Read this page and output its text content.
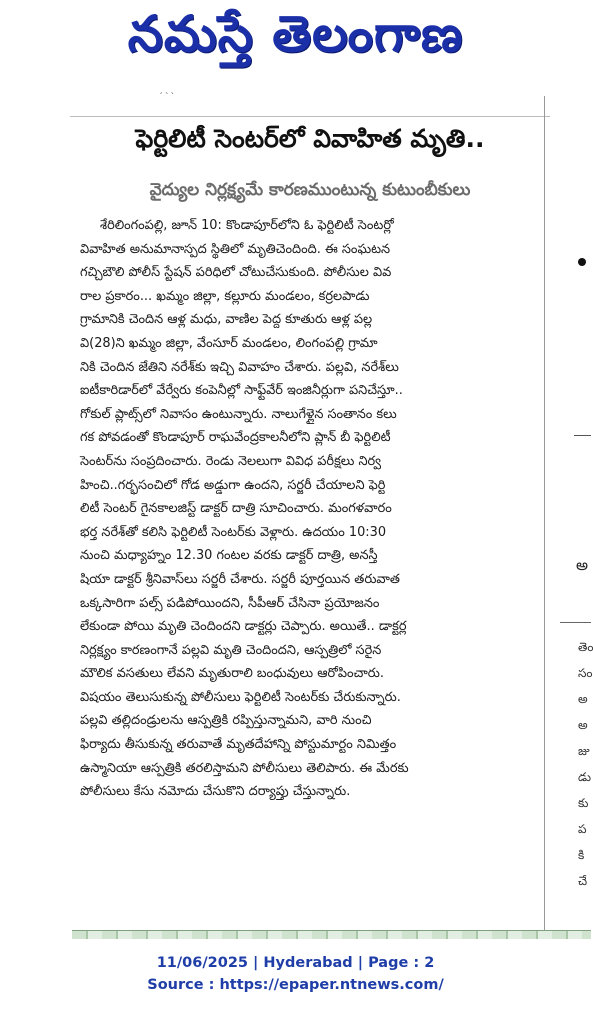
నమస్తే తెలంగాణ
՛ ՝ ՝
ఫెర్టిలిటీ సెంటర్‌లో వివాహిత మృతి..
వైద్యుల నిర్లక్ష్యమే కారణముంటున్న కుటుంబీకులు
శేరిలింగంపల్లి, జూన్ 10: కొండాపూర్‌లోని ఓ ఫెర్టిలిటీ సెంటర్లో
వివాహిత అనుమానాస్పద స్థితిలో మృతిచెందింది. ఈ సంఘటన
గచ్చిబౌలి పోలీస్ స్టేషన్ పరిధిలో చోటుచేసుకుంది. పోలీసుల వివ
రాల ప్రకారం... ఖమ్మం జిల్లా, కల్లూరు మండలం, కర్రలపాడు
గ్రామానికి చెందిన ఆళ్ల మధు, వాణిల పెద్ద కూతురు ఆళ్ల పల్ల
వి(28)ని ఖమ్మం జిల్లా, వేంసూర్ మండలం, లింగంపల్లి గ్రామా
నికి చెందిన జేతిని నరేశ్‌కు ఇచ్చి వివాహం చేశారు. పల్లవి, నరేశ్‌లు
ఐటీకారిడార్‌లో వేర్వేరు కంపెనీల్లో సాఫ్ట్‌వేర్ ఇంజినీర్లుగా పనిచేస్తూ..
గోకుల్ ప్లాట్స్‌లో నివాసం ఉంటున్నారు. నాలుగేళ్లైన సంతానం కలు
గక పోవడంతో కొండాపూర్ రాఘవేంద్రకాలనీలోని ప్లాన్ బీ ఫెర్టిలిటీ
సెంటర్‌ను సంప్రదించారు. రెండు నెలలుగా వివిధ పరీక్షలు నిర్వ
హించి..గర్భసంచిలో గోడ అడ్డుగా ఉందని, సర్జరీ చేయాలని ఫెర్టి
లిటీ సెంటర్ గైనకాలజిస్ట్ డాక్టర్ దాత్రి సూచించారు. మంగళవారం
భర్త నరేశ్‌తో కలిసి ఫెర్టిలిటీ సెంటర్‌కు వెళ్లారు. ఉదయం 10:30
నుంచి మధ్యాహ్నం 12.30 గంటల వరకు డాక్టర్ దాత్రి, అనస్తీ
షియా డాక్టర్ శ్రీనివాస్‌లు సర్జరీ చేశారు. సర్జరీ పూర్తయిన తరువాత
ఒక్కసారిగా పల్స్ పడిపోయిందని, సీపీఆర్ చేసినా ప్రయోజనం
లేకుండా పోయి మృతి చెందిందని డాక్టర్లు చెప్పారు. అయితే.. డాక్టర్ల
నిర్లక్ష్యం కారణంగానే పల్లవి మృతి చెందిందని, ఆస్పత్రిలో సరైన
మౌలిక వసతులు లేవని మృతురాలి బంధువులు ఆరోపించారు.
విషయం తెలుసుకున్న పోలీసులు ఫెర్టిలిటీ సెంటర్‌కు చేరుకున్నారు.
పల్లవి తల్లిదండ్రులను ఆస్పత్రికి రప్పిస్తున్నామని, వారి నుంచి
ఫిర్యాదు తీసుకున్న తరువాతే మృతదేహాన్ని పోస్టుమార్టం నిమిత్తం
ఉస్మానియా ఆస్పత్రికి తరలిస్తామని పోలీసులు తెలిపారు. ఈ మేరకు
పోలీసులు కేసు నమోదు చేసుకొని దర్యాప్తు చేస్తున్నారు.
అ
తెం
సం
అ
అ
జు
డు
కు
ప
కి
చే
11/06/2025 | Hyderabad | Page : 2
Source : https://epaper.ntnews.com/
